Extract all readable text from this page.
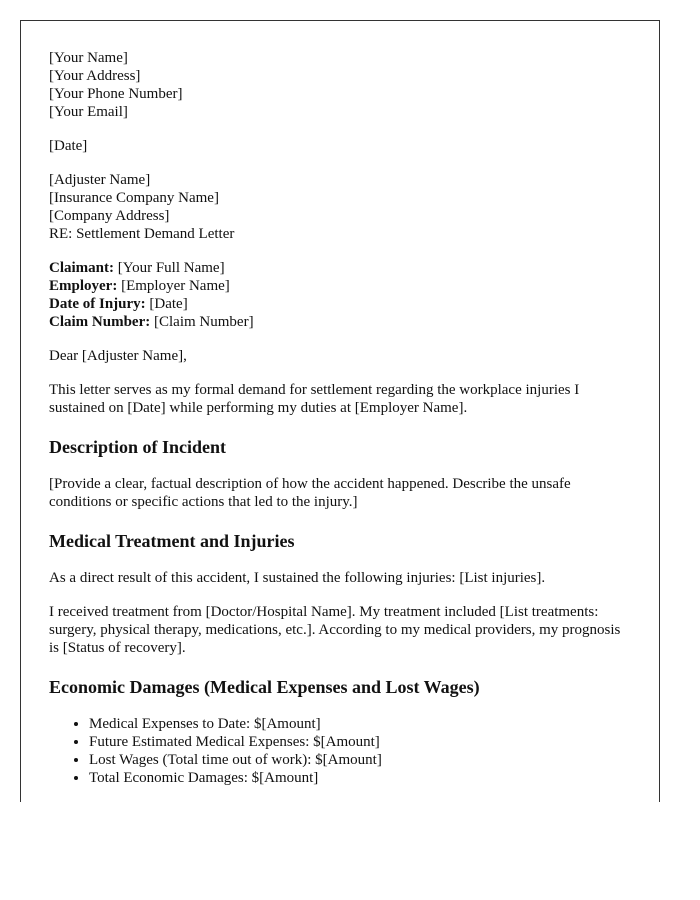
[Your Name]
[Your Address]
[Your Phone Number]
[Your Email]
[Date]
[Adjuster Name]
[Insurance Company Name]
[Company Address]
RE: Settlement Demand Letter
Claimant: [Your Full Name]
Employer: [Employer Name]
Date of Injury: [Date]
Claim Number: [Claim Number]

Dear [Adjuster Name],

This letter serves as my formal demand for settlement regarding the workplace injuries I sustained on [Date] while performing my duties at [Employer Name].

Description of Incident

[Provide a clear, factual description of how the accident happened. Describe the unsafe conditions or specific actions that led to the injury.]

Medical Treatment and Injuries

As a direct result of this accident, I sustained the following injuries: [List injuries].

I received treatment from [Doctor/Hospital Name]. My treatment included [List treatments: surgery, physical therapy, medications, etc.]. According to my medical providers, my prognosis is [Status of recovery].

Economic Damages (Medical Expenses and Lost Wages)
• Medical Expenses to Date: $[Amount]
• Future Estimated Medical Expenses: $[Amount]
• Lost Wages (Total time out of work): $[Amount]
• Total Economic Damages: $[Amount]
